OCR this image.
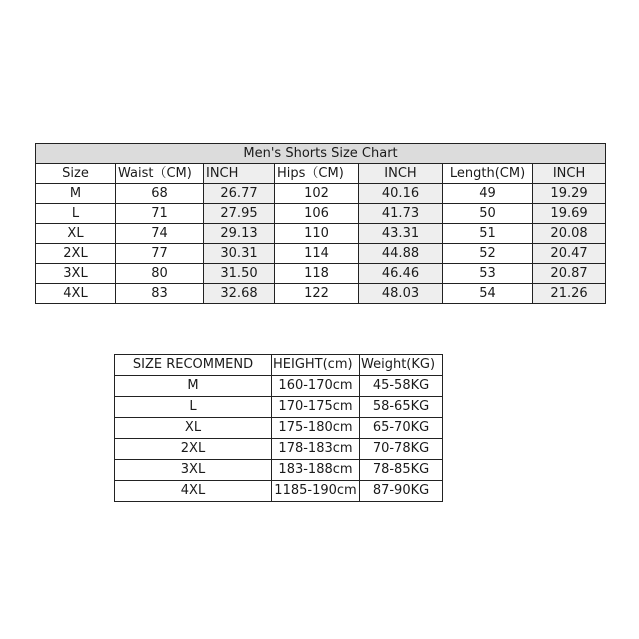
Men's Shorts Size Chart						
Size	Waist（CM)	INCH	Hips（CM)	INCH	Length(CM)	INCH
M	68	26.77	102	40.16	49	19.29
L	71	27.95	106	41.73	50	19.69
XL	74	29.13	110	43.31	51	20.08
2XL	77	30.31	114	44.88	52	20.47
3XL	80	31.50	118	46.46	53	20.87
4XL	83	32.68	122	48.03	54	21.26
SIZE RECOMMEND	HEIGHT(cm)	Weight(KG)
M	160-170cm	45-58KG
L	170-175cm	58-65KG
XL	175-180cm	65-70KG
2XL	178-183cm	70-78KG
3XL	183-188cm	78-85KG
4XL	1185-190cm	87-90KG
